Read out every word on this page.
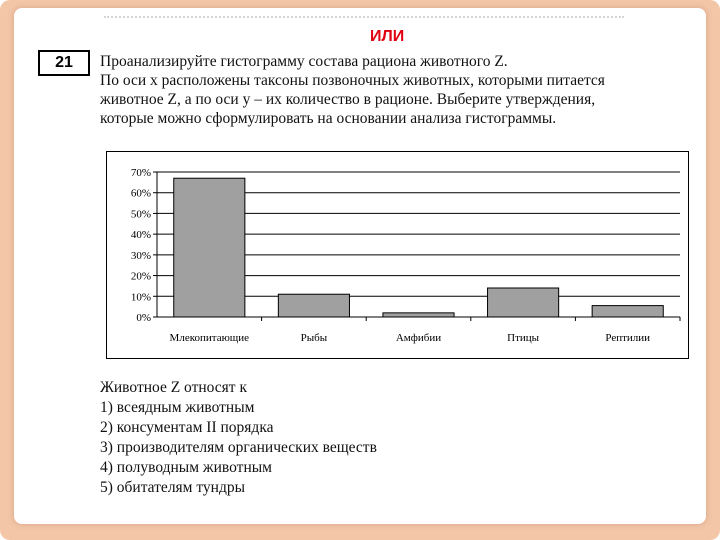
ИЛИ
21	Проанализируйте гистограмму состава рациона животного Z.

По оси x расположены таксоны позвоночных животных, которыми питается

животное Z, а по оси y – их количество в рационе. Выберите утверждения,

которые можно сформулировать на основании анализа гистограммы.

0%
10%
20%
30%
40%
50%
60%
70%
Млекопитающие	Рыбы	Амфибии	Птицы	Рептилии
Животное Z относят к
1) всеядным животным
2) консументам II порядка
3) производителям органических веществ
4) полуводным животным
5) обитателям тундры
